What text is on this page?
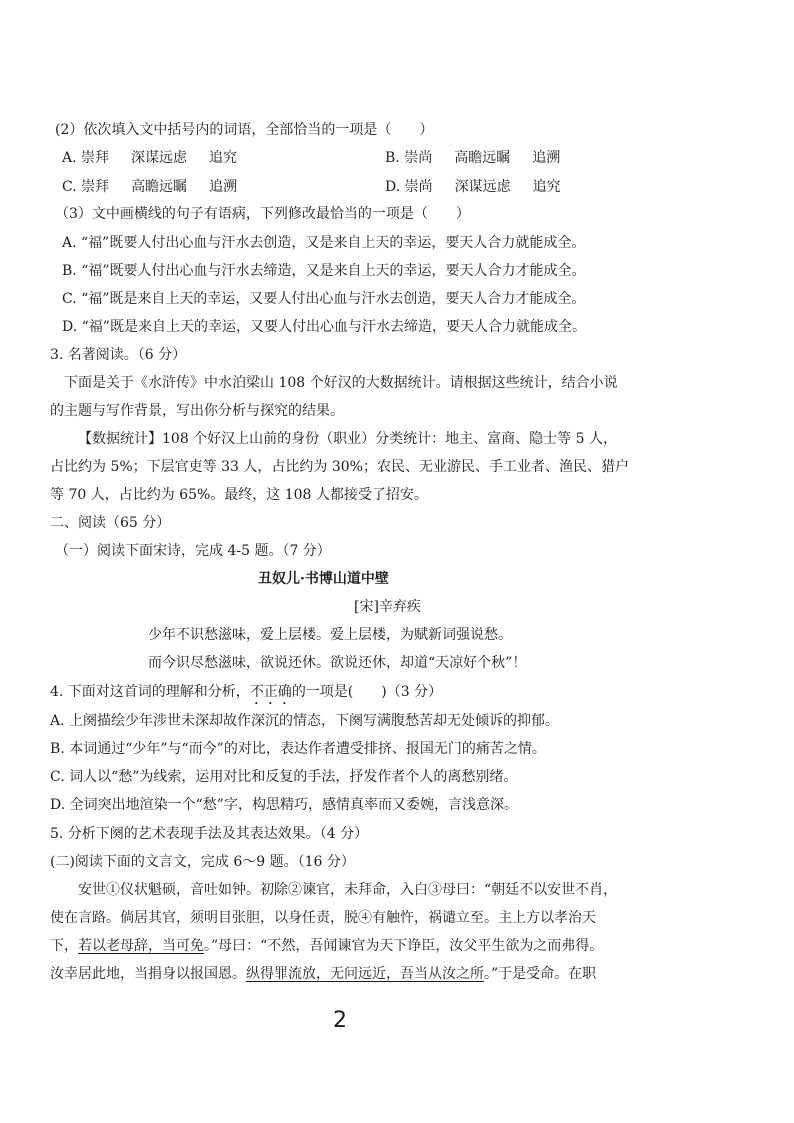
(2）依次填入文中括号内的词语，全部恰当的一项是（　　）
A. 崇拜 深谋远虑 追究	B. 崇尚 高瞻远瞩 追溯
C. 崇拜 高瞻远瞩 追溯	D. 崇尚 深谋远虑 追究
（3）文中画横线的句子有语病，下列修改最恰当的一项是（　　）
A. “福”既要人付出心血与汗水去创造，又是来自上天的幸运，要天人合力就能成全。
B. “福”既要人付出心血与汗水去缔造，又是来自上天的幸运，要天人合力才能成全。
C. “福”既是来自上天的幸运，又要人付出心血与汗水去创造，要天人合力才能成全。
D. “福”既是来自上天的幸运，又要人付出心血与汗水去缔造，要天人合力就能成全。
3. 名著阅读。（6 分）
下面是关于《水浒传》中水泊梁山 108 个好汉的大数据统计。请根据这些统计，结合小说
的主题与写作背景，写出你分析与探究的结果。
【数据统计】108 个好汉上山前的身份（职业）分类统计：地主、富商、隐士等 5 人，
占比约为 5%；下层官吏等 33 人，占比约为 30%；农民、无业游民、手工业者、渔民、猎户
等 70 人，占比约为 65%。最终，这 108 人都接受了招安。
二、阅读（65 分）
（一）阅读下面宋诗，完成 4-5 题。（7 分）
丑奴儿·书博山道中壁
[宋]辛弃疾
少年不识愁滋味，爱上层楼。爱上层楼，为赋新词强说愁。
而今识尽愁滋味，欲说还休。欲说还休，却道“天凉好个秋”！
4. 下面对这首词的理解和分析，不正确的一项是(　　)（3 分）
A. 上阕描绘少年涉世未深却故作深沉的情态，下阕写满腹愁苦却无处倾诉的抑郁。
B. 本词通过“少年”与“而今”的对比，表达作者遭受排挤、报国无门的痛苦之情。
C. 词人以“愁”为线索，运用对比和反复的手法，抒发作者个人的离愁别绪。
D. 全词突出地渲染一个“愁”字，构思精巧，感情真率而又委婉，言浅意深。
5. 分析下阕的艺术表现手法及其表达效果。（4 分）
(二)阅读下面的文言文，完成 6～9 题。（16 分）
安世①仪状魁硕，音吐如钟。初除②谏官，未拜命，入白③母曰：“朝廷不以安世不肖，
使在言路。倘居其官，须明目张胆，以身任责，脱④有触忤，祸谴立至。主上方以孝治天
下，若以老母辞，当可免。”母曰：“不然，吾闻谏官为天下诤臣，汝父平生欲为之而弗得。
汝幸居此地，当捐身以报国恩。纵得罪流放，无问远近，吾当从汝之所。”于是受命。在职
2
